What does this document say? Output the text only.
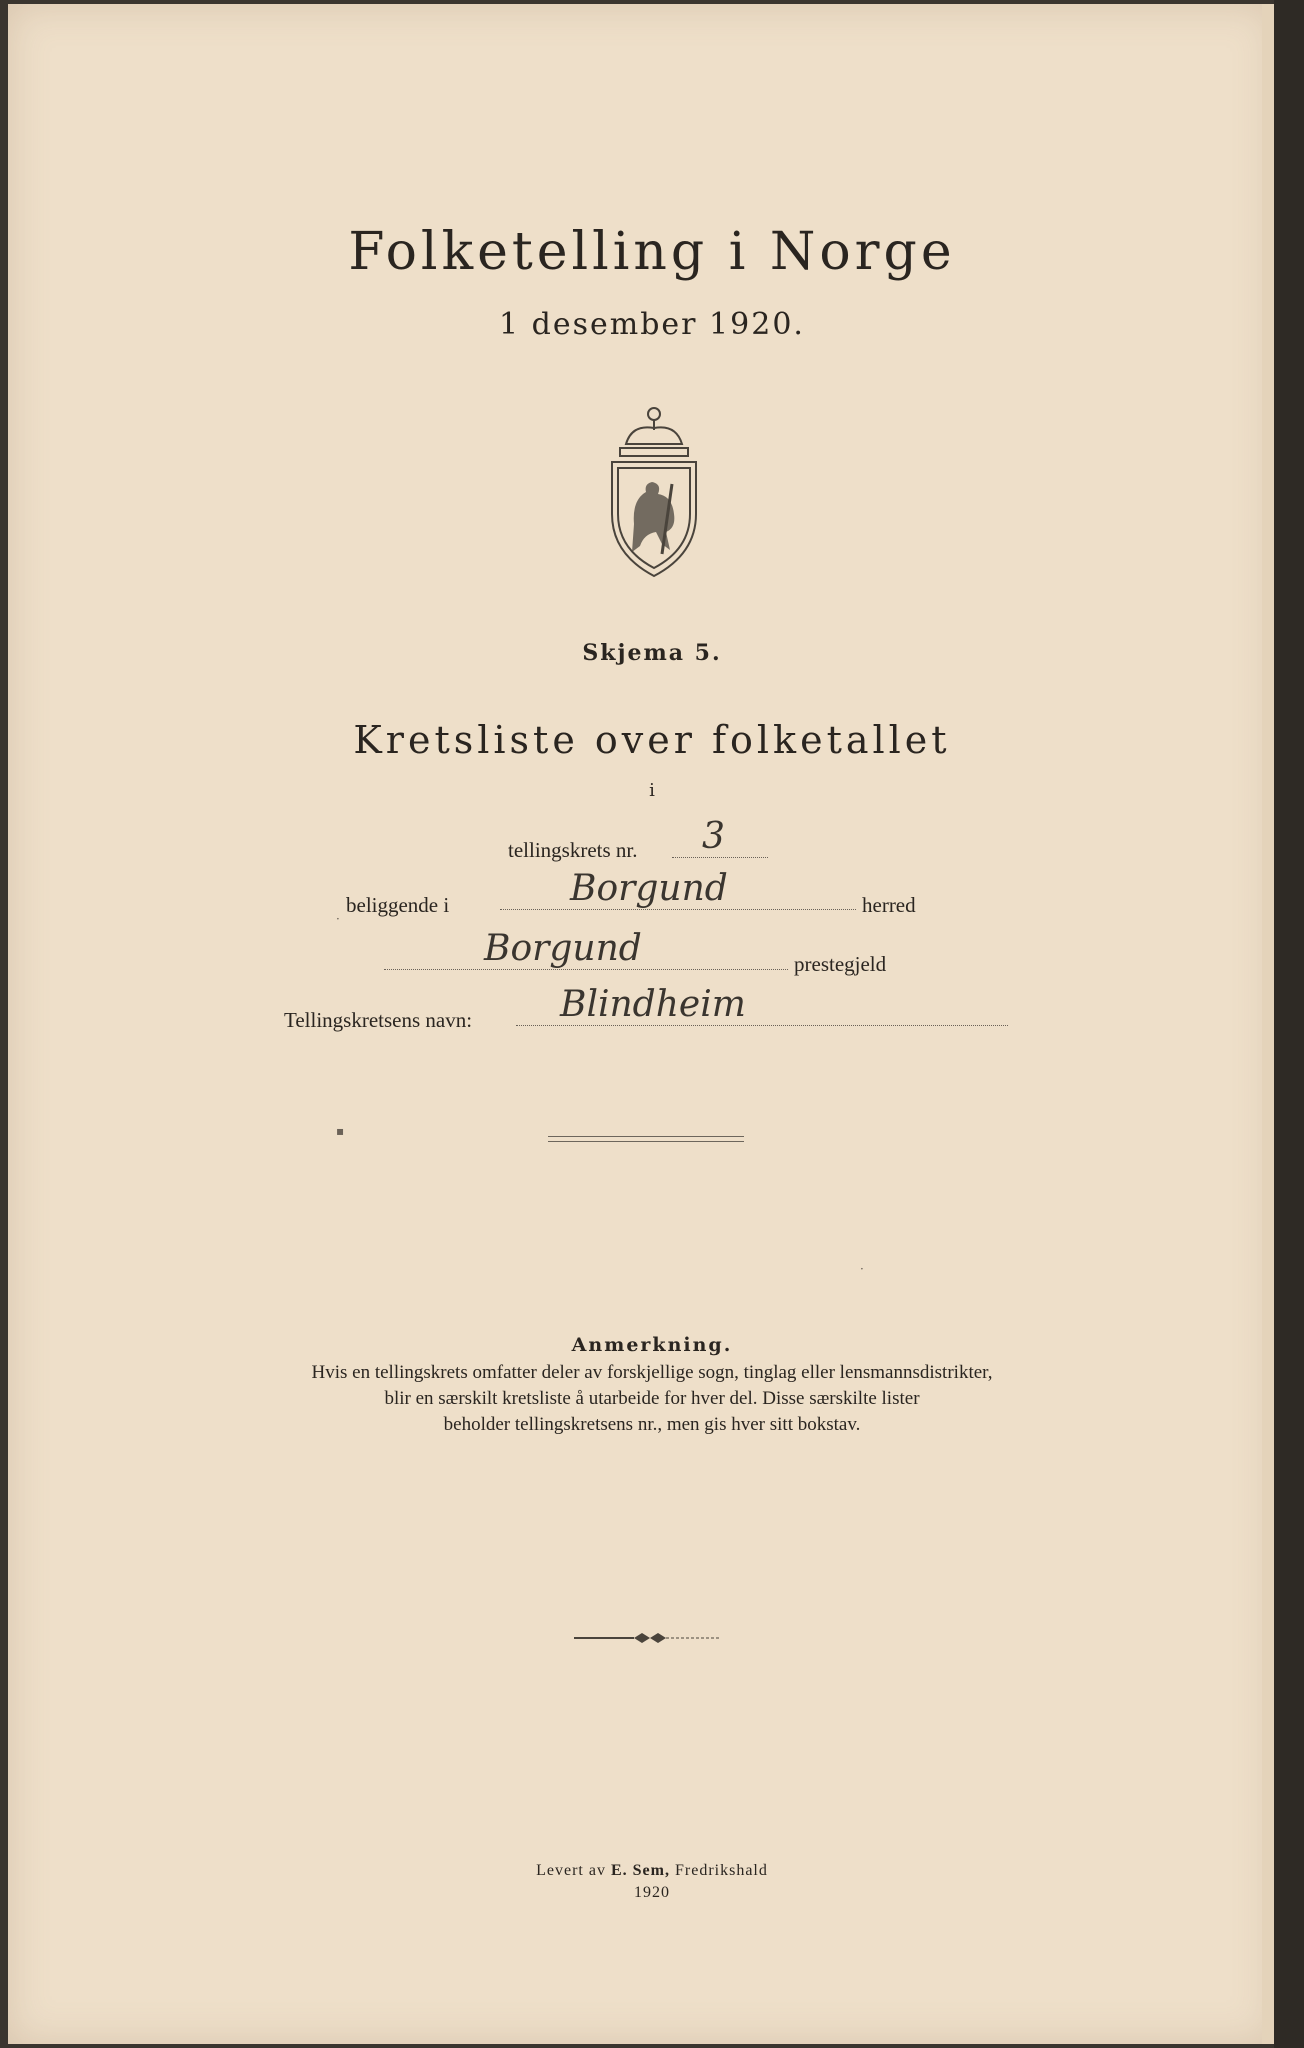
Folketelling i Norge
1 desember 1920.
Skjema 5.
Kretsliste over folketallet
i
tellingskrets nr.	3
beliggende i	Borgund	herred
Borgund	prestegjeld
Tellingskretsens navn:	Blindheim
Anmerkning.
Hvis en tellingskrets omfatter deler av forskjellige sogn, tinglag eller lensmannsdistrikter,
blir en særskilt kretsliste å utarbeide for hver del. Disse særskilte lister
beholder tellingskretsens nr., men gis hver sitt bokstav.
Levert av E. Sem, Fredrikshald
1920
▪
·
·
